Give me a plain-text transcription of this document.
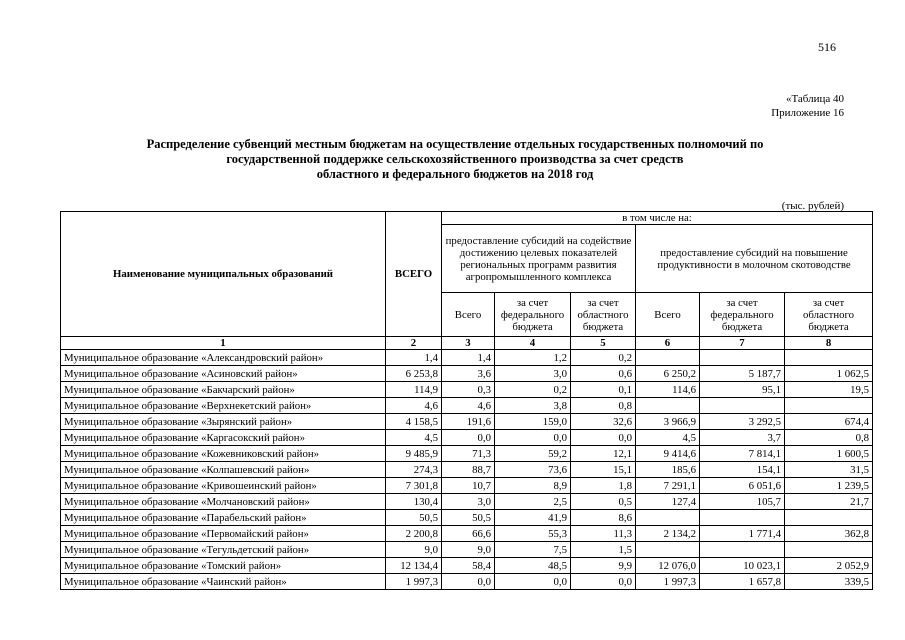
516
«Таблица 40
Приложение 16
Распределение субвенций местным бюджетам на осуществление отдельных государственных полномочий по
государственной поддержке сельскохозяйственного производства за счет средств
областного и федерального бюджетов на 2018 год
(тыс. рублей)
Наименование муниципальных образований	ВСЕГО	в том числе на:					
		предоставление субсидий на содействие достижению целевых показателей региональных программ развития агропромышленного комплекса			предоставление субсидий на повышение продуктивности в молочном скотоводстве		
		Всего	за счет федерального бюджета	за счет областного бюджета	Всего	за счет федерального бюджета	за счет областного бюджета
1	2	3	4	5	6	7	8
Муниципальное образование «Александровский район»	1,4	1,4	1,2	0,2			
Муниципальное образование «Асиновский район»	6 253,8	3,6	3,0	0,6	6 250,2	5 187,7	1 062,5
Муниципальное образование «Бакчарский район»	114,9	0,3	0,2	0,1	114,6	95,1	19,5
Муниципальное образование «Верхнекетский район»	4,6	4,6	3,8	0,8			
Муниципальное образование «Зырянский район»	4 158,5	191,6	159,0	32,6	3 966,9	3 292,5	674,4
Муниципальное образование «Каргасокский район»	4,5	0,0	0,0	0,0	4,5	3,7	0,8
Муниципальное образование «Кожевниковский район»	9 485,9	71,3	59,2	12,1	9 414,6	7 814,1	1 600,5
Муниципальное образование «Колпашевский район»	274,3	88,7	73,6	15,1	185,6	154,1	31,5
Муниципальное образование «Кривошеинский район»	7 301,8	10,7	8,9	1,8	7 291,1	6 051,6	1 239,5
Муниципальное образование «Молчановский район»	130,4	3,0	2,5	0,5	127,4	105,7	21,7
Муниципальное образование «Парабельский район»	50,5	50,5	41,9	8,6			
Муниципальное образование «Первомайский район»	2 200,8	66,6	55,3	11,3	2 134,2	1 771,4	362,8
Муниципальное образование «Тегульдетский район»	9,0	9,0	7,5	1,5			
Муниципальное образование «Томский район»	12 134,4	58,4	48,5	9,9	12 076,0	10 023,1	2 052,9
Муниципальное образование «Чаинский район»	1 997,3	0,0	0,0	0,0	1 997,3	1 657,8	339,5
